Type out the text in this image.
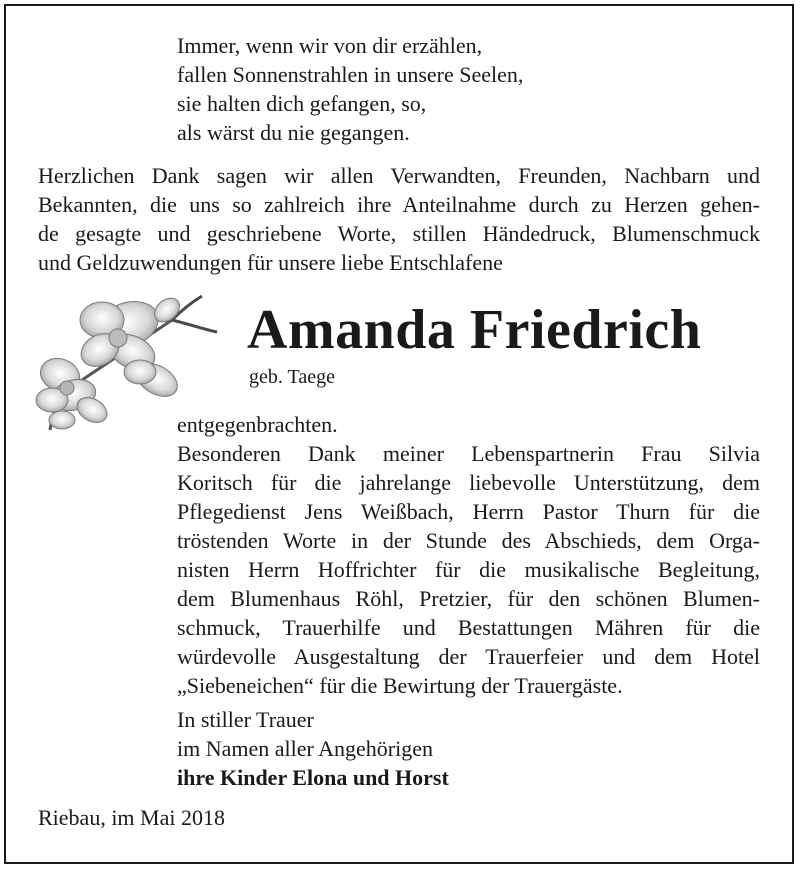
Immer, wenn wir von dir erzählen,
fallen Sonnenstrahlen in unsere Seelen,
sie halten dich gefangen, so,
als wärst du nie gegangen.
Herzlichen Dank sagen wir allen Verwandten, Freunden, Nachbarn und
Bekannten, die uns so zahlreich ihre Anteilnahme durch zu Herzen gehen-
de gesagte und geschriebene Worte, stillen Händedruck, Blumenschmuck
und Geldzuwendungen für unsere liebe Entschlafene
Amanda Friedrich
geb. Taege
entgegenbrachten.
Besonderen Dank meiner Lebenspartnerin Frau Silvia
Koritsch für die jahrelange liebevolle Unterstützung, dem
Pflegedienst Jens Weißbach, Herrn Pastor Thurn für die
tröstenden Worte in der Stunde des Abschieds, dem Orga-
nisten Herrn Hoffrichter für die musikalische Begleitung,
dem Blumenhaus Röhl, Pretzier, für den schönen Blumen-
schmuck, Trauerhilfe und Bestattungen Mähren für die
würdevolle Ausgestaltung der Trauerfeier und dem Hotel
„Siebeneichen“ für die Bewirtung der Trauergäste.
In stiller Trauer
im Namen aller Angehörigen
ihre Kinder Elona und Horst
Riebau, im Mai 2018
